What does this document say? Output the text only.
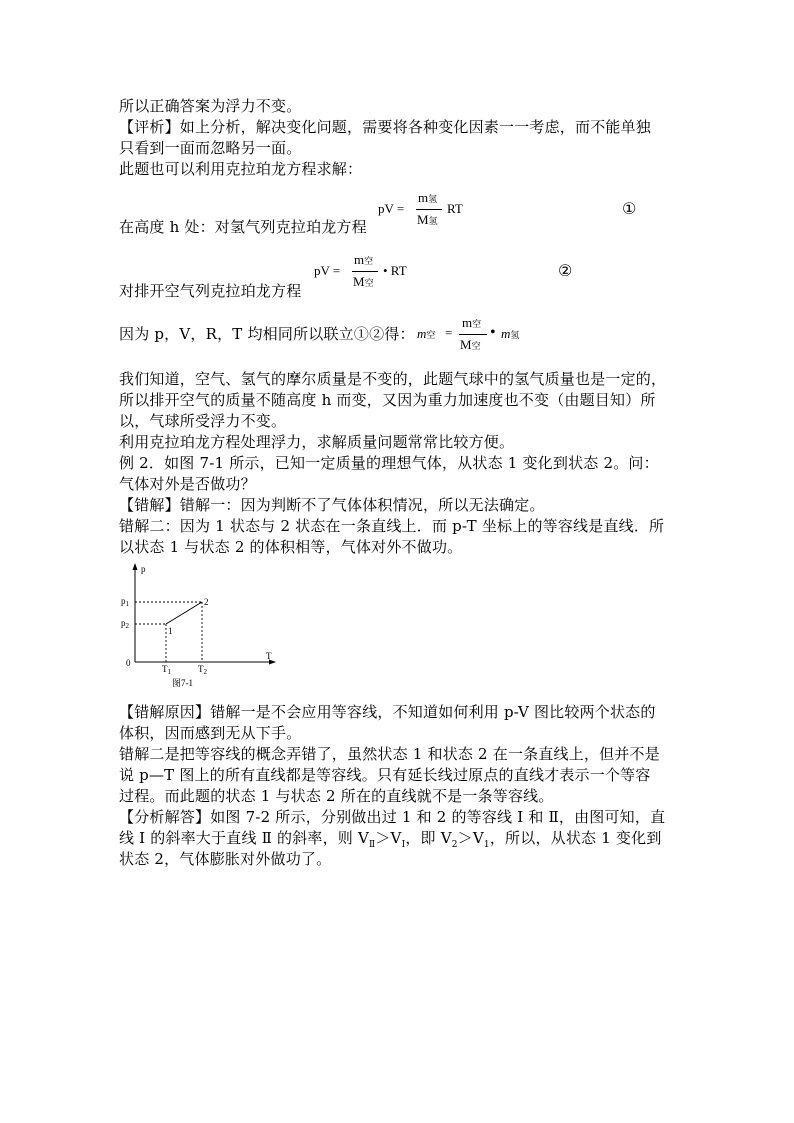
所以正确答案为浮力不变。
【评析】如上分析，解决变化问题，需要将各种变化因素一一考虑，而不能单独
只看到一面而忽略另一面。
此题也可以利用克拉珀龙方程求解：
在高度 h 处：对氢气列克拉珀龙方程
pV =
m氢
M氢
RT	①
对排开空气列克拉珀龙方程
pV =
m空
M空
• RT	②
因为 p，V，R，T 均相同所以联立①②得： m空 =
m空
M空
• m氢
我们知道，空气、氢气的摩尔质量是不变的，此题气球中的氢气质量也是一定的，
所以排开空气的质量不随高度 h 而变，又因为重力加速度也不变（由题目知）所
以，气球所受浮力不变。
利用克拉珀龙方程处理浮力，求解质量问题常常比较方便。
例 2．如图 7-1 所示，已知一定质量的理想气体，从状态 1 变化到状态 2。问：
气体对外是否做功？
【错解】错解一：因为判断不了气体体积情况，所以无法确定。
错解二：因为 1 状态与 2 状态在一条直线上．而 p-T 坐标上的等容线是直线．所
以状态 1 与状态 2 的体积相等，气体对外不做功。
p
T
0
$p_1$
$p_2$
$T_1$	$T_2$
1
2
图7-1
【错解原因】错解一是不会应用等容线，不知道如何利用 p-V 图比较两个状态的
体积，因而感到无从下手。
错解二是把等容线的概念弄错了，虽然状态 1 和状态 2 在一条直线上，但并不是
说 p—T 图上的所有直线都是等容线。只有延长线过原点的直线才表示一个等容
过程。而此题的状态 1 与状态 2 所在的直线就不是一条等容线。
【分析解答】如图 7-2 所示，分别做出过 1 和 2 的等容线 Ⅰ 和 Ⅱ，由图可知，直
线 Ⅰ 的斜率大于直线 Ⅱ 的斜率，则 $V_Ⅱ>V_Ⅰ$，即 $V_2>V_1$，所以，从状态 1 变化到
状态 2，气体膨胀对外做功了。
